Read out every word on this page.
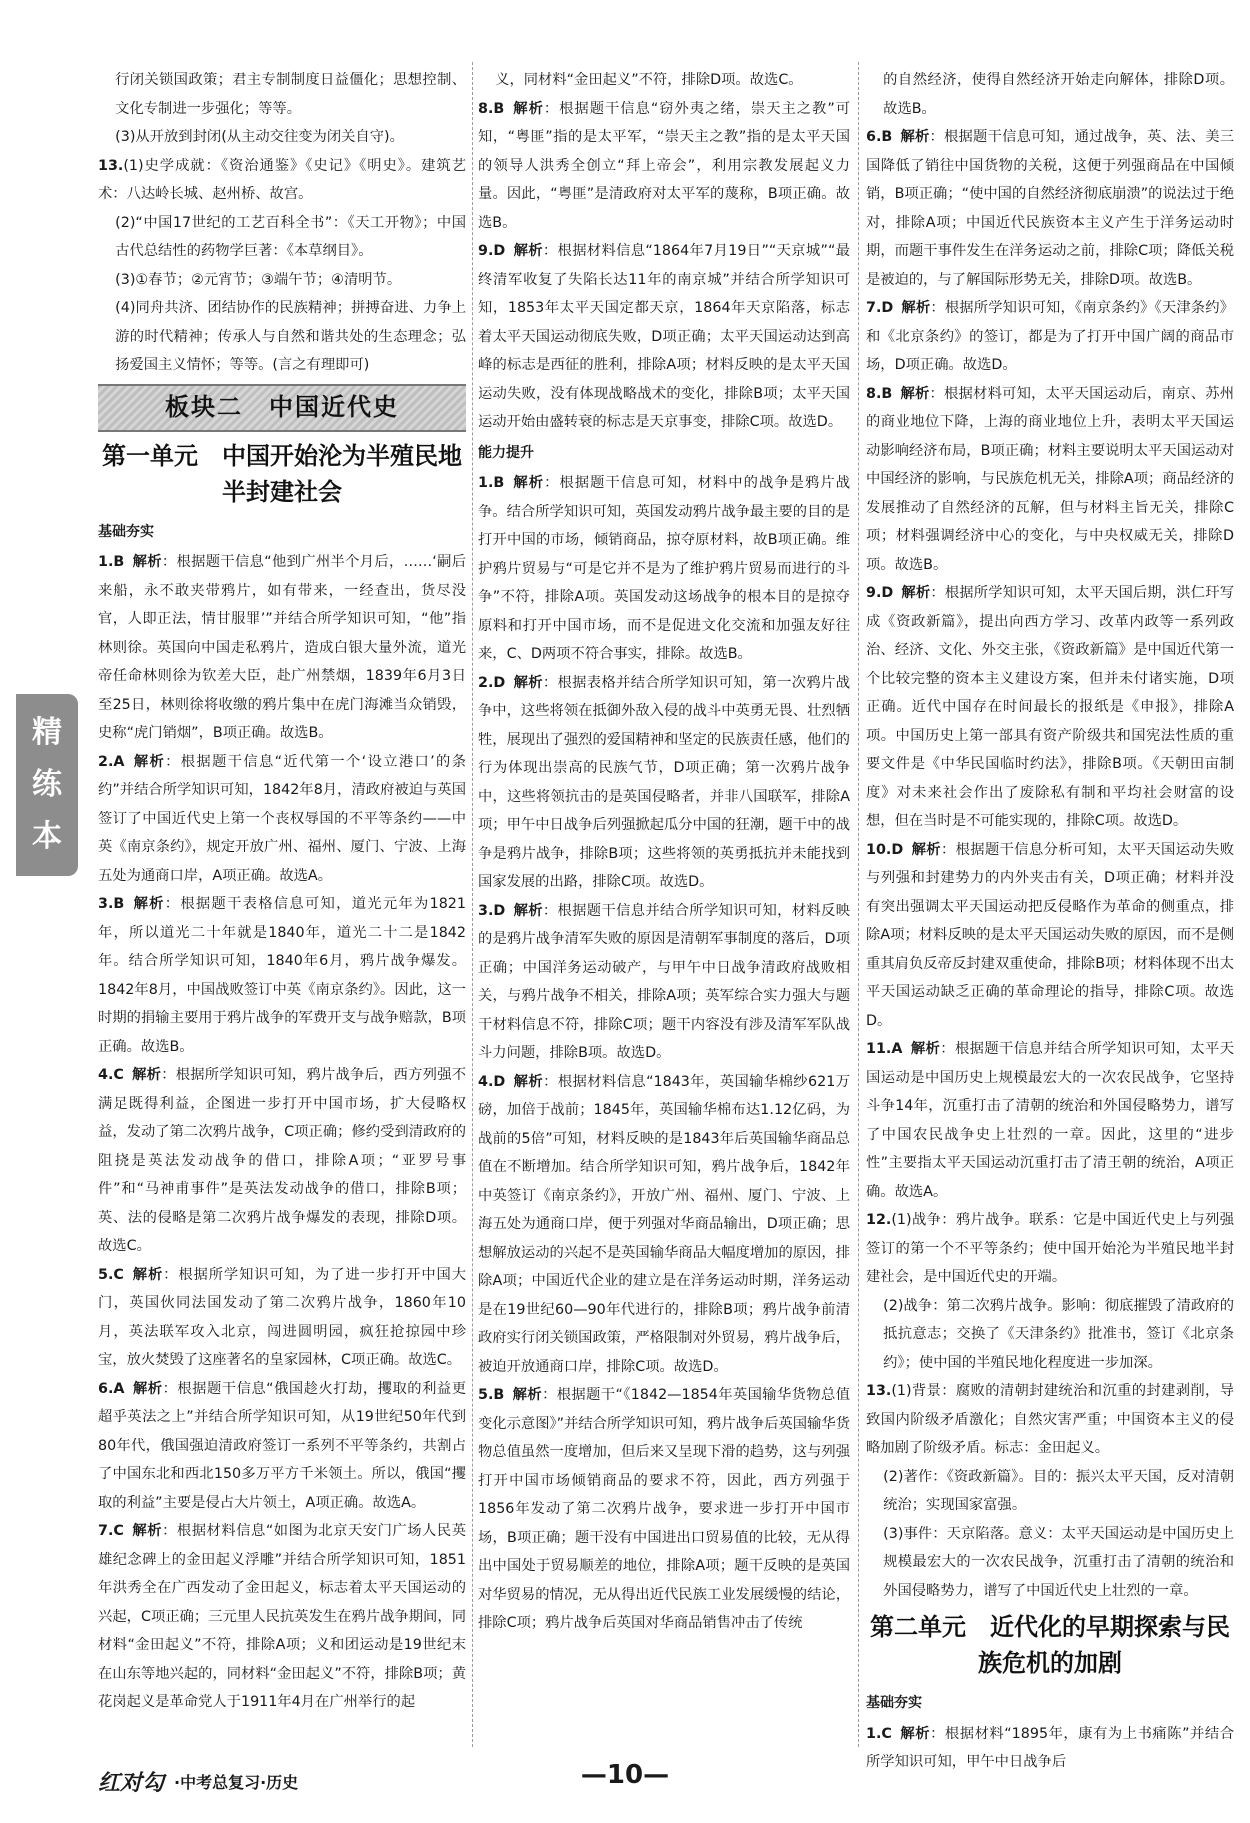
行闭关锁国政策；君主专制制度日益僵化；思想控制、文化专制进一步强化；等等。

(3)从开放到封闭(从主动交往变为闭关自守)。

13.(1)史学成就：《资治通鉴》《史记》《明史》。建筑艺术：八达岭长城、赵州桥、故宫。

(2)“中国17世纪的工艺百科全书”：《天工开物》；中国古代总结性的药物学巨著：《本草纲目》。

(3)①春节；②元宵节；③端午节；④清明节。

(4)同舟共济、团结协作的民族精神；拼搏奋进、力争上游的时代精神；传承人与自然和谐共处的生态理念；弘扬爱国主义情怀；等等。(言之有理即可)

板块二　中国近代史
第一单元　中国开始沦为半殖民地半封建社会
基础夯实

1.B 解析：根据题干信息“他到广州半个月后，……‘嗣后来船，永不敢夹带鸦片，如有带来，一经查出，货尽没官，人即正法，情甘服罪’”并结合所学知识可知，“他”指林则徐。英国向中国走私鸦片，造成白银大量外流，道光帝任命林则徐为钦差大臣，赴广州禁烟，1839年6月3日至25日，林则徐将收缴的鸦片集中在虎门海滩当众销毁，史称“虎门销烟”，B项正确。故选B。

2.A 解析：根据题干信息“近代第一个‘设立港口’的条约”并结合所学知识可知，1842年8月，清政府被迫与英国签订了中国近代史上第一个丧权辱国的不平等条约——中英《南京条约》，规定开放广州、福州、厦门、宁波、上海五处为通商口岸，A项正确。故选A。

3.B 解析：根据题干表格信息可知，道光元年为1821年，所以道光二十年就是1840年，道光二十二是1842年。结合所学知识可知，1840年6月，鸦片战争爆发。1842年8月，中国战败签订中英《南京条约》。因此，这一时期的捐输主要用于鸦片战争的军费开支与战争赔款，B项正确。故选B。

4.C 解析：根据所学知识可知，鸦片战争后，西方列强不满足既得利益，企图进一步打开中国市场，扩大侵略权益，发动了第二次鸦片战争，C项正确；修约受到清政府的阻挠是英法发动战争的借口，排除A项；“亚罗号事件”和“马神甫事件”是英法发动战争的借口，排除B项；英、法的侵略是第二次鸦片战争爆发的表现，排除D项。故选C。

5.C 解析：根据所学知识可知，为了进一步打开中国大门，英国伙同法国发动了第二次鸦片战争，1860年10月，英法联军攻入北京，闯进圆明园，疯狂抢掠园中珍宝，放火焚毁了这座著名的皇家园林，C项正确。故选C。

6.A 解析：根据题干信息“俄国趁火打劫，攫取的利益更超乎英法之上”并结合所学知识可知，从19世纪50年代到80年代，俄国强迫清政府签订一系列不平等条约，共割占了中国东北和西北150多万平方千米领土。所以，俄国“攫取的利益”主要是侵占大片领土，A项正确。故选A。

7.C 解析：根据材料信息“如图为北京天安门广场人民英雄纪念碑上的金田起义浮雕”并结合所学知识可知，1851年洪秀全在广西发动了金田起义，标志着太平天国运动的兴起，C项正确；三元里人民抗英发生在鸦片战争期间，同材料“金田起义”不符，排除A项；义和团运动是19世纪末在山东等地兴起的，同材料“金田起义”不符，排除B项；黄花岗起义是革命党人于1911年4月在广州举行的起

义，同材料“金田起义”不符，排除D项。故选C。

8.B 解析：根据题干信息“窃外夷之绪，崇天主之教”可知，“粤匪”指的是太平军，“崇天主之教”指的是太平天国的领导人洪秀全创立“拜上帝会”，利用宗教发展起义力量。因此，“粤匪”是清政府对太平军的蔑称，B项正确。故选B。

9.D 解析：根据材料信息“1864年7月19日”“天京城”“最终清军收复了失陷长达11年的南京城”并结合所学知识可知，1853年太平天国定都天京，1864年天京陷落，标志着太平天国运动彻底失败，D项正确；太平天国运动达到高峰的标志是西征的胜利，排除A项；材料反映的是太平天国运动失败，没有体现战略战术的变化，排除B项；太平天国运动开始由盛转衰的标志是天京事变，排除C项。故选D。

能力提升

1.B 解析：根据题干信息可知，材料中的战争是鸦片战争。结合所学知识可知，英国发动鸦片战争最主要的目的是打开中国的市场，倾销商品，掠夺原材料，故B项正确。维护鸦片贸易与“可是它并不是为了维护鸦片贸易而进行的斗争”不符，排除A项。英国发动这场战争的根本目的是掠夺原料和打开中国市场，而不是促进文化交流和加强友好往来，C、D两项不符合事实，排除。故选B。

2.D 解析：根据表格并结合所学知识可知，第一次鸦片战争中，这些将领在抵御外敌入侵的战斗中英勇无畏、壮烈牺牲，展现出了强烈的爱国精神和坚定的民族责任感，他们的行为体现出崇高的民族气节，D项正确；第一次鸦片战争中，这些将领抗击的是英国侵略者，并非八国联军，排除A项；甲午中日战争后列强掀起瓜分中国的狂潮，题干中的战争是鸦片战争，排除B项；这些将领的英勇抵抗并未能找到国家发展的出路，排除C项。故选D。

3.D 解析：根据题干信息并结合所学知识可知，材料反映的是鸦片战争清军失败的原因是清朝军事制度的落后，D项正确；中国洋务运动破产，与甲午中日战争清政府战败相关，与鸦片战争不相关，排除A项；英军综合实力强大与题干材料信息不符，排除C项；题干内容没有涉及清军军队战斗力问题，排除B项。故选D。

4.D 解析：根据材料信息“1843年，英国输华棉纱621万磅，加倍于战前；1845年，英国输华棉布达1.12亿码，为战前的5倍”可知，材料反映的是1843年后英国输华商品总值在不断增加。结合所学知识可知，鸦片战争后，1842年中英签订《南京条约》，开放广州、福州、厦门、宁波、上海五处为通商口岸，便于列强对华商品输出，D项正确；思想解放运动的兴起不是英国输华商品大幅度增加的原因，排除A项；中国近代企业的建立是在洋务运动时期，洋务运动是在19世纪60—90年代进行的，排除B项；鸦片战争前清政府实行闭关锁国政策，严格限制对外贸易，鸦片战争后，被迫开放通商口岸，排除C项。故选D。

5.B 解析：根据题干“《1842—1854年英国输华货物总值变化示意图》”并结合所学知识可知，鸦片战争后英国输华货物总值虽然一度增加，但后来又呈现下滑的趋势，这与列强打开中国市场倾销商品的要求不符，因此，西方列强于1856年发动了第二次鸦片战争，要求进一步打开中国市场，B项正确；题干没有中国进出口贸易值的比较，无从得出中国处于贸易顺差的地位，排除A项；题干反映的是英国对华贸易的情况，无从得出近代民族工业发展缓慢的结论，排除C项；鸦片战争后英国对华商品销售冲击了传统

的自然经济，使得自然经济开始走向解体，排除D项。故选B。

6.B 解析：根据题干信息可知，通过战争，英、法、美三国降低了销往中国货物的关税，这便于列强商品在中国倾销，B项正确；“使中国的自然经济彻底崩溃”的说法过于绝对，排除A项；中国近代民族资本主义产生于洋务运动时期，而题干事件发生在洋务运动之前，排除C项；降低关税是被迫的，与了解国际形势无关，排除D项。故选B。

7.D 解析：根据所学知识可知，《南京条约》《天津条约》和《北京条约》的签订，都是为了打开中国广阔的商品市场，D项正确。故选D。

8.B 解析：根据材料可知，太平天国运动后，南京、苏州的商业地位下降，上海的商业地位上升，表明太平天国运动影响经济布局，B项正确；材料主要说明太平天国运动对中国经济的影响，与民族危机无关，排除A项；商品经济的发展推动了自然经济的瓦解，但与材料主旨无关，排除C项；材料强调经济中心的变化，与中央权威无关，排除D项。故选B。

9.D 解析：根据所学知识可知，太平天国后期，洪仁玕写成《资政新篇》，提出向西方学习、改革内政等一系列政治、经济、文化、外交主张，《资政新篇》是中国近代第一个比较完整的资本主义建设方案，但并未付诸实施，D项正确。近代中国存在时间最长的报纸是《申报》，排除A项。中国历史上第一部具有资产阶级共和国宪法性质的重要文件是《中华民国临时约法》，排除B项。《天朝田亩制度》对未来社会作出了废除私有制和平均社会财富的设想，但在当时是不可能实现的，排除C项。故选D。

10.D 解析：根据题干信息分析可知，太平天国运动失败与列强和封建势力的内外夹击有关，D项正确；材料并没有突出强调太平天国运动把反侵略作为革命的侧重点，排除A项；材料反映的是太平天国运动失败的原因，而不是侧重其肩负反帝反封建双重使命，排除B项；材料体现不出太平天国运动缺乏正确的革命理论的指导，排除C项。故选D。

11.A 解析：根据题干信息并结合所学知识可知，太平天国运动是中国历史上规模最宏大的一次农民战争，它坚持斗争14年，沉重打击了清朝的统治和外国侵略势力，谱写了中国农民战争史上壮烈的一章。因此，这里的“进步性”主要指太平天国运动沉重打击了清王朝的统治，A项正确。故选A。

12.(1)战争：鸦片战争。联系：它是中国近代史上与列强签订的第一个不平等条约；使中国开始沦为半殖民地半封建社会，是中国近代史的开端。

(2)战争：第二次鸦片战争。影响：彻底摧毁了清政府的抵抗意志；交换了《天津条约》批准书，签订《北京条约》；使中国的半殖民地化程度进一步加深。

13.(1)背景：腐败的清朝封建统治和沉重的封建剥削，导致国内阶级矛盾激化；自然灾害严重；中国资本主义的侵略加剧了阶级矛盾。标志：金田起义。

(2)著作：《资政新篇》。目的：振兴太平天国，反对清朝统治；实现国家富强。

(3)事件：天京陷落。意义：太平天国运动是中国历史上规模最宏大的一次农民战争，沉重打击了清朝的统治和外国侵略势力，谱写了中国近代史上壮烈的一章。

第二单元　近代化的早期探索与民族危机的加剧
基础夯实

1.C 解析：根据材料“1895年，康有为上书痛陈”并结合所学知识可知，甲午中日战争后

精
练
本
红对勾 ·中考总复习·历史	—10—
